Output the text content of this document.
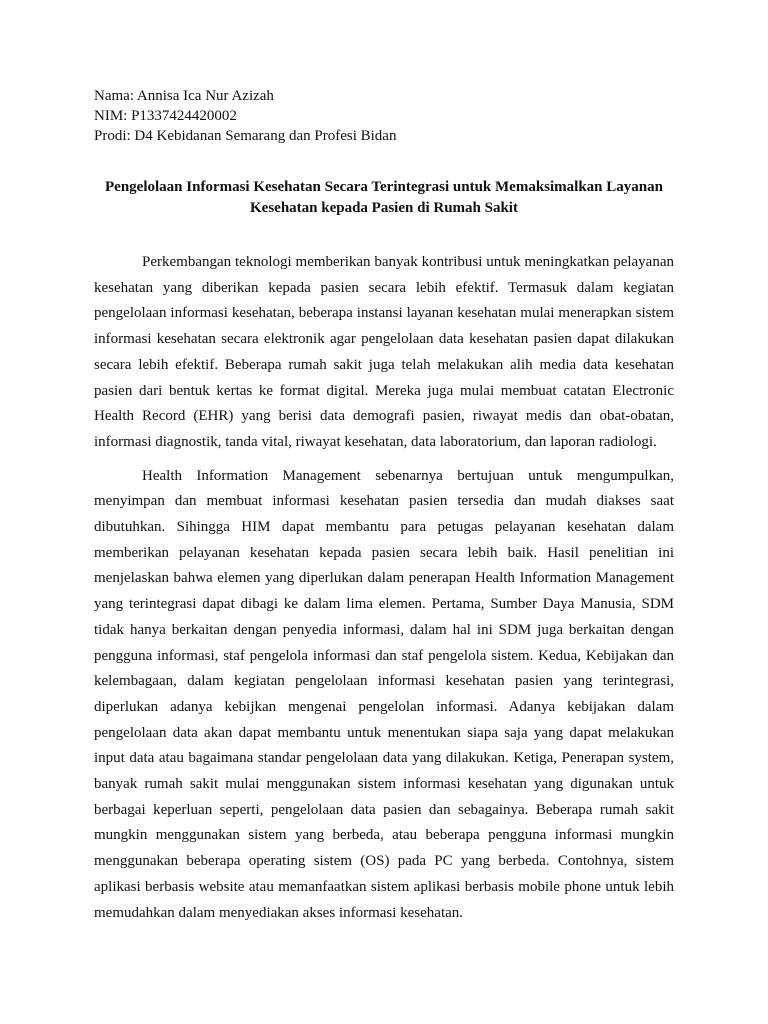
Nama: Annisa Ica Nur Azizah
NIM: P1337424420002
Prodi: D4 Kebidanan Semarang dan Profesi Bidan
Pengelolaan Informasi Kesehatan Secara Terintegrasi untuk Memaksimalkan Layanan
Kesehatan kepada Pasien di Rumah Sakit

Perkembangan teknologi memberikan banyak kontribusi untuk meningkatkan pelayanan kesehatan yang diberikan kepada pasien secara lebih efektif. Termasuk dalam kegiatan pengelolaan informasi kesehatan, beberapa instansi layanan kesehatan mulai menerapkan sistem informasi kesehatan secara elektronik agar pengelolaan data kesehatan pasien dapat dilakukan secara lebih efektif. Beberapa rumah sakit juga telah melakukan alih media data kesehatan pasien dari bentuk kertas ke format digital. Mereka juga mulai membuat catatan Electronic Health Record (EHR) yang berisi data demografi pasien, riwayat medis dan obat-obatan, informasi diagnostik, tanda vital, riwayat kesehatan, data laboratorium, dan laporan radiologi.

Health Information Management sebenarnya bertujuan untuk mengumpulkan, menyimpan dan membuat informasi kesehatan pasien tersedia dan mudah diakses saat dibutuhkan. Sihingga HIM dapat membantu para petugas pelayanan kesehatan dalam memberikan pelayanan kesehatan kepada pasien secara lebih baik. Hasil penelitian ini menjelaskan bahwa elemen yang diperlukan dalam penerapan Health Information Management yang terintegrasi dapat dibagi ke dalam lima elemen. Pertama, Sumber Daya Manusia, SDM tidak hanya berkaitan dengan penyedia informasi, dalam hal ini SDM juga berkaitan dengan pengguna informasi, staf pengelola informasi dan staf pengelola sistem. Kedua, Kebijakan dan kelembagaan, dalam kegiatan pengelolaan informasi kesehatan pasien yang terintegrasi, diperlukan adanya kebijkan mengenai pengelolan informasi. Adanya kebijakan dalam pengelolaan data akan dapat membantu untuk menentukan siapa saja yang dapat melakukan input data atau bagaimana standar pengelolaan data yang dilakukan. Ketiga, Penerapan system, banyak rumah sakit mulai menggunakan sistem informasi kesehatan yang digunakan untuk berbagai keperluan seperti, pengelolaan data pasien dan sebagainya. Beberapa rumah sakit mungkin menggunakan sistem yang berbeda, atau beberapa pengguna informasi mungkin menggunakan beberapa operating sistem (OS) pada PC yang berbeda. Contohnya, sistem aplikasi berbasis website atau memanfaatkan sistem aplikasi berbasis mobile phone untuk lebih memudahkan dalam menyediakan akses informasi kesehatan.
